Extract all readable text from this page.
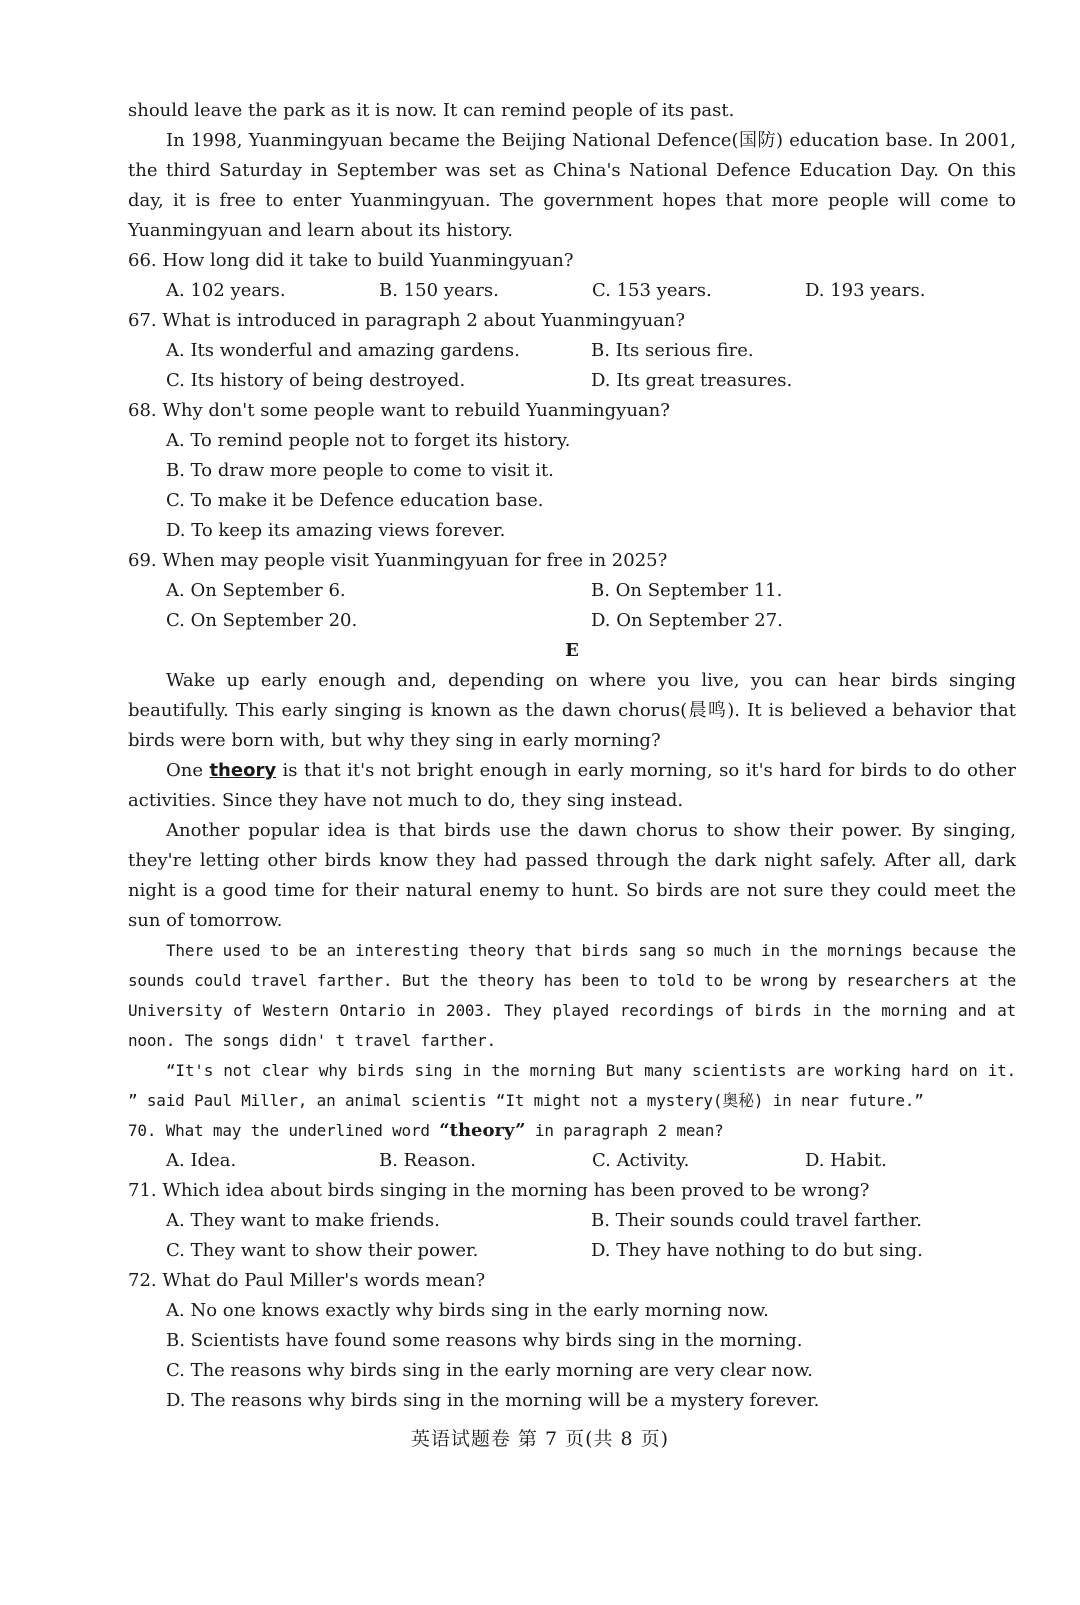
should leave the park as it is now. It can remind people of its past.

In 1998, Yuanmingyuan became the Beijing National Defence(国防) education base. In 2001, the third Saturday in September was set as China's National Defence Education Day. On this day, it is free to enter Yuanmingyuan. The government hopes that more people will come to Yuanmingyuan and learn about its history.

66. How long did it take to build Yuanmingyuan?

A. 102 years.	B. 150 years.	C. 153 years.	D. 193 years.

67. What is introduced in paragraph 2 about Yuanmingyuan?

A. Its wonderful and amazing gardens.	B. Its serious fire.
C. Its history of being destroyed.	D. Its great treasures.

68. Why don't some people want to rebuild Yuanmingyuan?

A. To remind people not to forget its history.

B. To draw more people to come to visit it.

C. To make it be Defence education base.

D. To keep its amazing views forever.

69. When may people visit Yuanmingyuan for free in 2025?

A. On September 6.	B. On September 11.
C. On September 20.	D. On September 27.

E

Wake up early enough and, depending on where you live, you can hear birds singing beautifully. This early singing is known as the dawn chorus(晨鸣). It is believed a behavior that birds were born with, but why they sing in early morning?

One theory is that it's not bright enough in early morning, so it's hard for birds to do other activities. Since they have not much to do, they sing instead.

Another popular idea is that birds use the dawn chorus to show their power. By singing, they're letting other birds know they had passed through the dark night safely. After all, dark night is a good time for their natural enemy to hunt. So birds are not sure they could meet the sun of tomorrow.

There used to be an interesting theory that birds sang so much in the mornings because the sounds could travel farther. But the theory has been to told to be wrong by researchers at the University of Western Ontario in 2003. They played recordings of birds in the morning and at noon. The songs didn' t travel farther.

“It's not clear why birds sing in the morning But many scientists are working hard on it. ” said Paul Miller, an animal scientis “It might not a mystery(奥秘) in near future.”

70. What may the underlined word “theory” in paragraph 2 mean?

A. Idea.	B. Reason.	C. Activity.	D. Habit.

71. Which idea about birds singing in the morning has been proved to be wrong?

A. They want to make friends.	B. Their sounds could travel farther.
C. They want to show their power.	D. They have nothing to do but sing.

72. What do Paul Miller's words mean?

A. No one knows exactly why birds sing in the early morning now.

B. Scientists have found some reasons why birds sing in the morning.

C. The reasons why birds sing in the early morning are very clear now.

D. The reasons why birds sing in the morning will be a mystery forever.

英语试题卷 第 7 页(共 8 页)
